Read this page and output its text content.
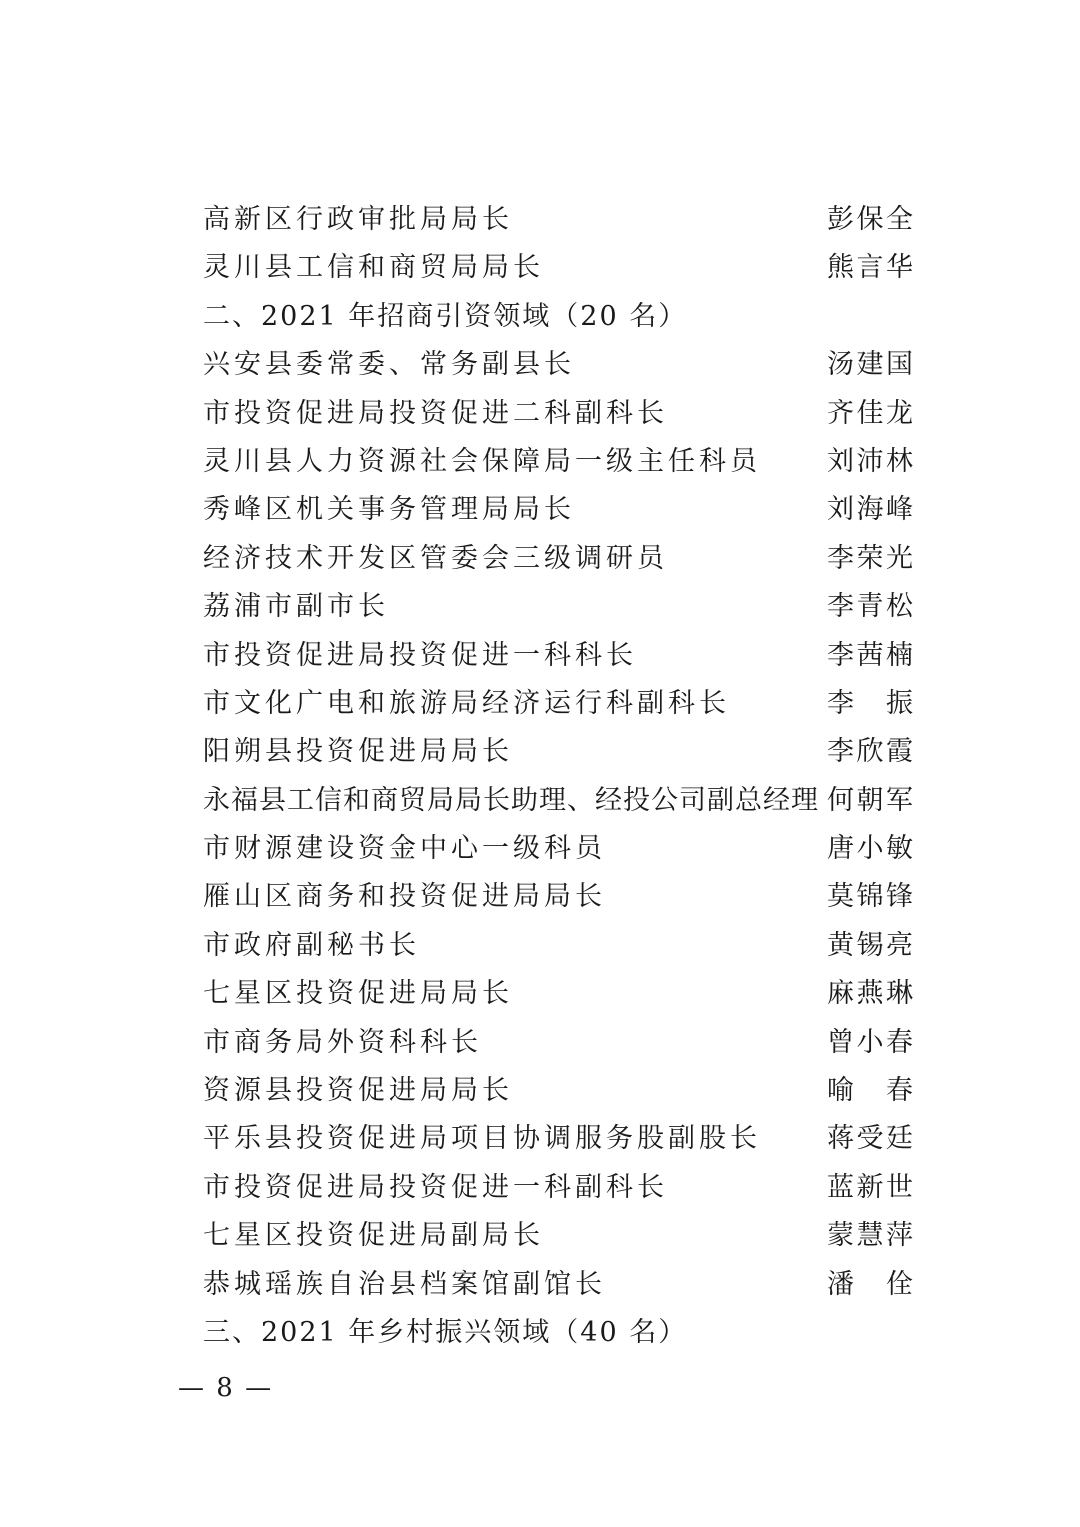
高新区行政审批局局长	彭保全
灵川县工信和商贸局局长	熊言华
二、2021 年招商引资领域（20 名）
兴安县委常委、常务副县长	汤建国
市投资促进局投资促进二科副科长	齐佳龙
灵川县人力资源社会保障局一级主任科员 刘沛林
秀峰区机关事务管理局局长	刘海峰
经济技术开发区管委会三级调研员	李荣光
荔浦市副市长	李青松
市投资促进局投资促进一科科长	李茜楠
市文化广电和旅游局经济运行科副科长	李振
阳朔县投资促进局局长	李欣霞
永福县工信和商贸局局长助理、经投公司副总经理 何朝军
市财源建设资金中心一级科员	唐小敏
雁山区商务和投资促进局局长	莫锦锋
市政府副秘书长	黄锡亮
七星区投资促进局局长	麻燕琳
市商务局外资科科长	曾小春
资源县投资促进局局长	喻春
平乐县投资促进局项目协调服务股副股长 蒋受廷
市投资促进局投资促进一科副科长	蓝新世
七星区投资促进局副局长	蒙慧萍
恭城瑶族自治县档案馆副馆长	潘佺
三、2021 年乡村振兴领域（40 名）
— 8 —
